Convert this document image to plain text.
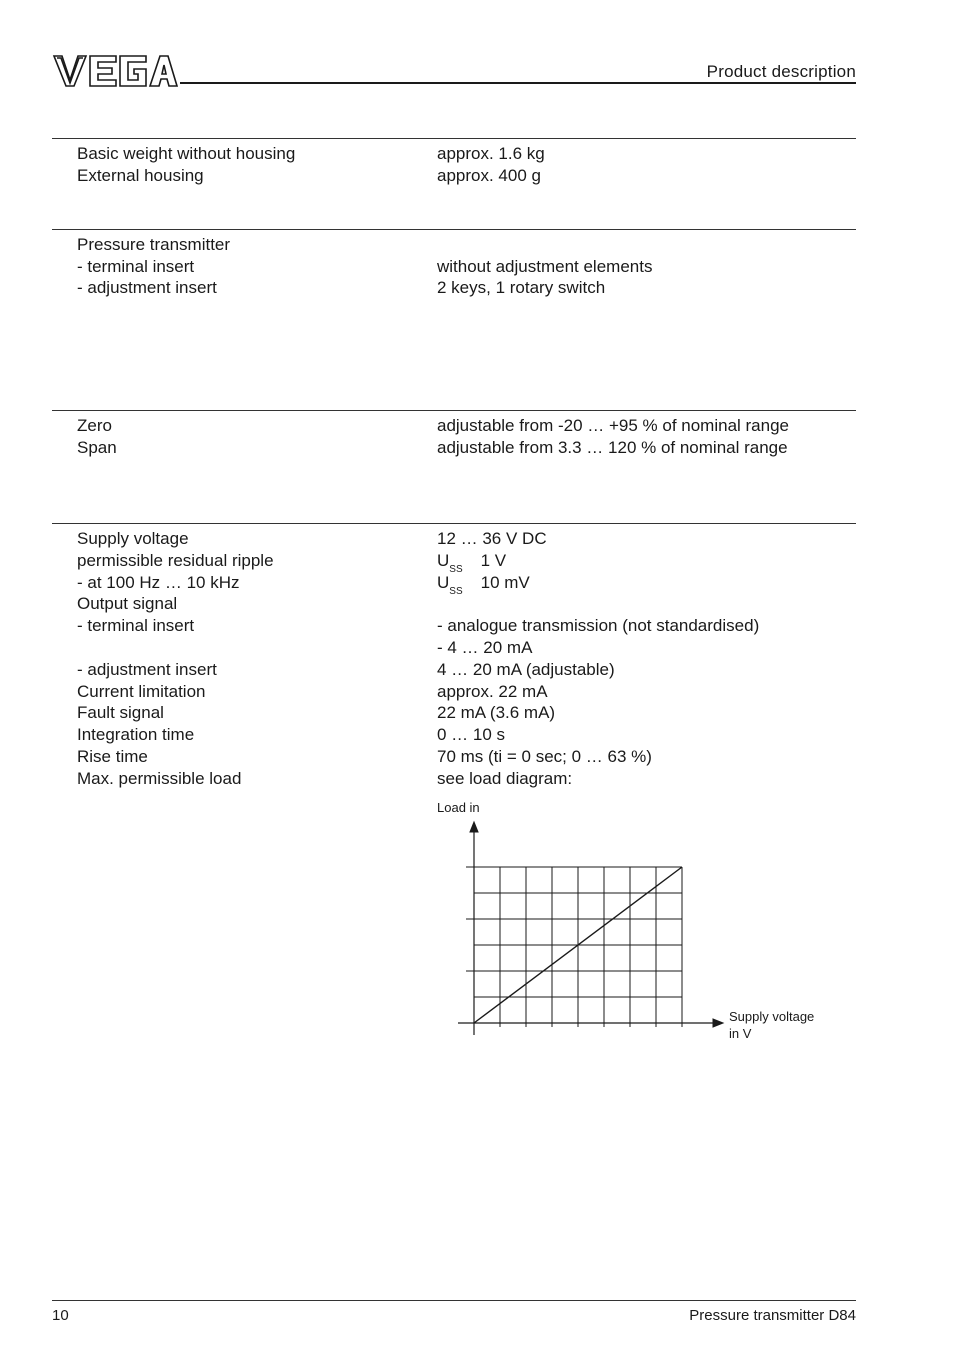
Product description
Basic weight without housing	approx. 1.6 kg
External housing	approx. 400 g
Pressure transmitter
- terminal insert	without adjustment elements
- adjustment insert	2 keys, 1 rotary switch
Zero	adjustable from -20 … +95 % of nominal range
Span	adjustable from 3.3 … 120 % of nominal range
Supply voltage	12 … 36 V DC
permissible residual ripple	$U_{SS}$ 1 V
- at 100 Hz … 10 kHz	$U_{SS}$ 10 mV
Output signal
- terminal insert	- analogue transmission (not standardised)
- 4 … 20 mA
- adjustment insert	4 … 20 mA (adjustable)
Current limitation	approx. 22 mA
Fault signal	22 mA (3.6 mA)
Integration time	0 … 10 s
Rise time	70 ms (ti = 0 sec; 0 … 63 %)
Max. permissible load	see load diagram:
Load in
Supply voltage
in V
10	Pressure transmitter D84
